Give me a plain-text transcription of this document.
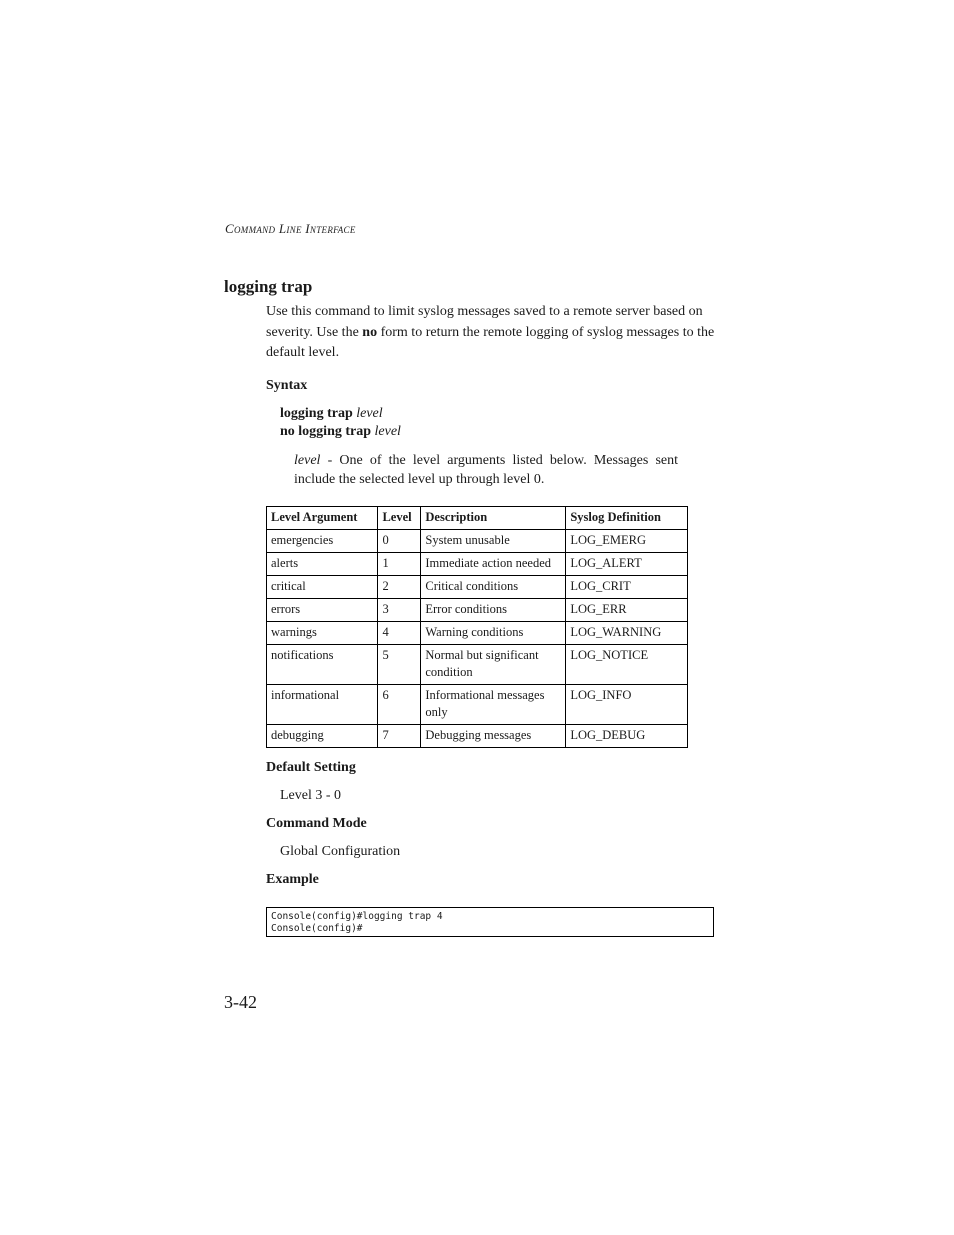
Command Line Interface
logging trap
Use this command to limit syslog messages saved to a remote server based on severity. Use the no form to return the remote logging of syslog messages to the default level.
Syntax
logging trap level
no logging trap level
level - One of the level arguments listed below. Messages sent include the selected level up through level 0.
Level Argument	Level	Description	Syslog Definition
emergencies	0	System unusable	LOG_EMERG
alerts	1	Immediate action needed	LOG_ALERT
critical	2	Critical conditions	LOG_CRIT
errors	3	Error conditions	LOG_ERR
warnings	4	Warning conditions	LOG_WARNING
notifications	5	Normal but significant condition	LOG_NOTICE
informational	6	Informational messages only	LOG_INFO
debugging	7	Debugging messages	LOG_DEBUG
Default Setting
Level 3 - 0
Command Mode
Global Configuration
Example
Console(config)#logging trap 4
Console(config)#
3-42
